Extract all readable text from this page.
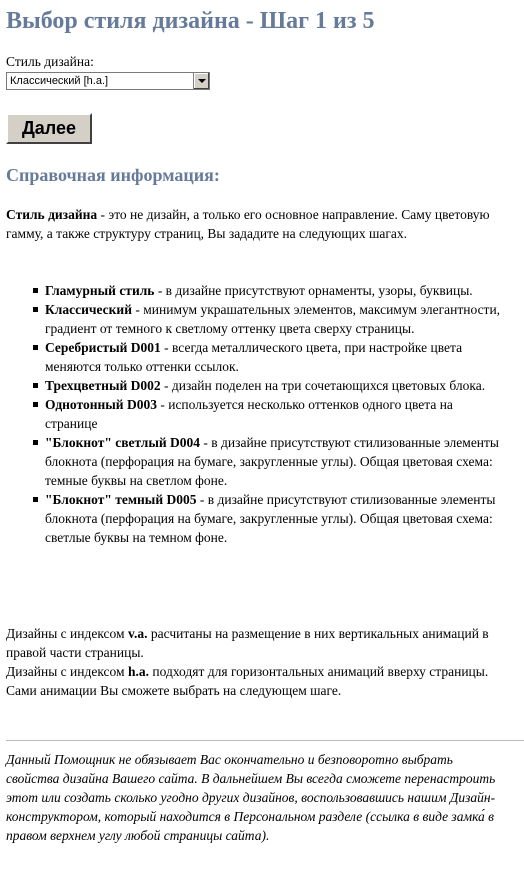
Выбор стиля дизайна - Шаг 1 из 5
Стиль дизайна:
Классический [h.a.]
Далее
Справочная информация:

Стиль дизайна - это не дизайн, а только его основное направление. Саму цветовую гамму, а также структуру страниц, Вы зададите на следующих шагах.

Гламурный стиль - в дизайне присутствуют орнаменты, узоры, буквицы.
Классический - минимум украшательных элементов, максимум элегантности, градиент от темного к светлому оттенку цвета сверху страницы.
Серебристый D001 - всегда металлического цвета, при настройке цвета меняются только оттенки ссылок.
Трехцветный D002 - дизайн поделен на три сочетающихся цветовых блока.
Однотонный D003 - используется несколько оттенков одного цвета на странице
"Блокнот" светлый D004 - в дизайне присутствуют стилизованные элементы блокнота (перфорация на бумаге, закругленные углы). Общая цветовая схема: темные буквы на светлом фоне.
"Блокнот" темный D005 - в дизайне присутствуют стилизованные элементы блокнота (перфорация на бумаге, закругленные углы). Общая цветовая схема: светлые буквы на темном фоне.

Дизайны с индексом v.a. расчитаны на размещение в них вертикальных анимаций в правой части страницы.
Дизайны с индексом h.a. подходят для горизонтальных анимаций вверху страницы.
Сами анимации Вы сможете выбрать на следующем шаге.

Данный Помощник не обязывает Вас окончательно и безповоротно выбрать свойства дизайна Вашего сайта. В дальнейшем Вы всегда сможете перенастроить этот или создать сколько угодно других дизайнов, воспользовавшись нашим Дизайн-конструктором, который находится в Персональном разделе (ссылка в виде замка́ в правом верхнем углу любой страницы сайта).
